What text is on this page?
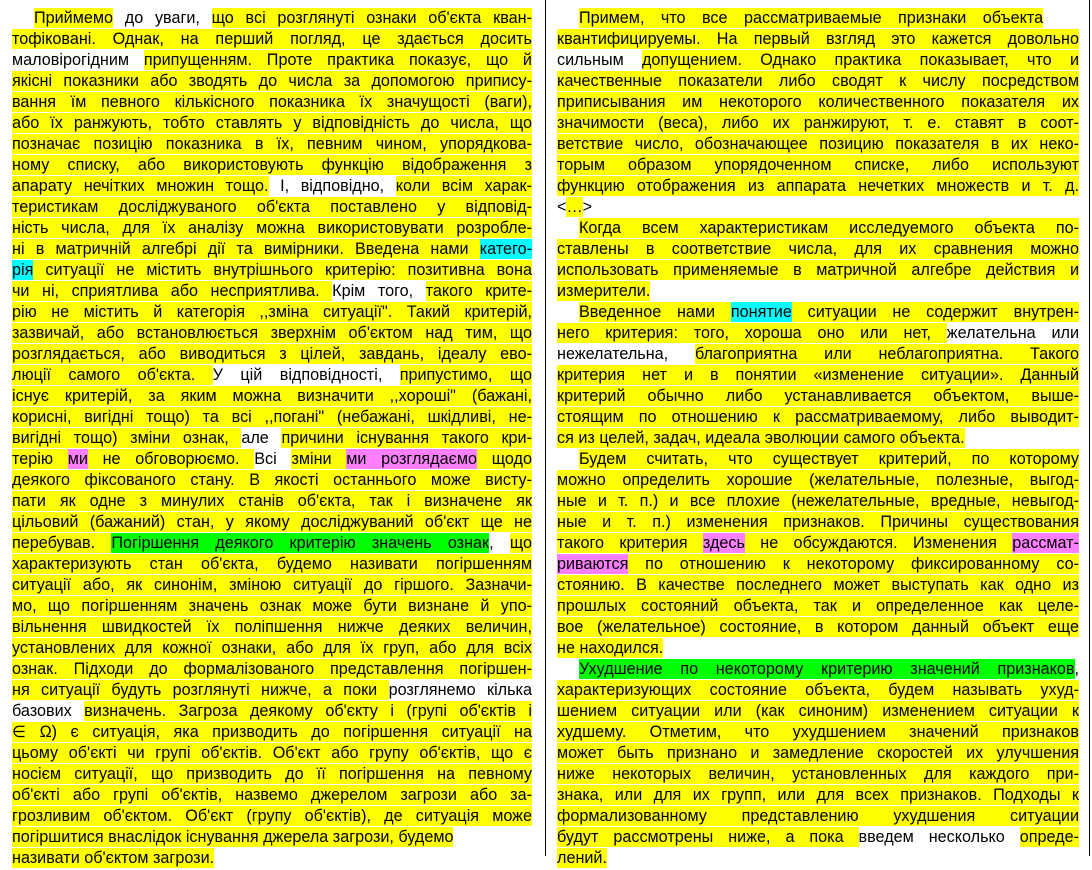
Приймемо до уваги, що всі розглянуті ознаки об'єкта кван-
тофіковані. Однак, на перший погляд, це здається досить
маловірогідним припущенням. Проте практика показує, що й
якісні показники або зводять до числа за допомогою припису-
вання їм певного кількісного показника їх значущості (ваги),
або їх ранжують, тобто ставлять у відповідність до числа, що
позначає позицію показника в їх, певним чином, упорядкова-
ному списку, або використовують функцію відображення з
апарату нечітких множин тощо. І, відповідно, коли всім харак-
теристикам досліджуваного об'єкта поставлено у відповід-
ність числа, для їх аналізу можна використовувати розроблe-
ні в матричній алгебрі дії та вимірники. Введена нами катего-
рія ситуації не містить внутрішнього критерію: позитивна вона
чи ні, сприятлива або несприятлива. Крім того, такого крите-
рію не містить й категорія ,,зміна ситуації". Такий критерій,
зазвичай, або встановлюється зверхнім об'єктом над тим, що
розглядається, або виводиться з цілей, завдань, ідеалу ево-
люції самого об'єкта. У цій відповідності, припустимо, що
існує критерій, за яким можна визначити ,,хороші" (бажані,
корисні, вигідні тощо) та всі ,,погані" (небажані, шкідливі, не-
вигідні тощо) зміни ознак, але причини існування такого кри-
терію ми не обговорюємо. Всі зміни ми розглядаємо щодо
деякого фіксованого стану. В якості останнього може висту-
пати як одне з минулих станів об'єкта, так і визначене як
цільовий (бажаний) стан, у якому досліджуваний об'єкт ще не
перебував. Погіршення деякого критерію значень ознак, що
характеризують стан об'єкта, будемо називати погіршенням
ситуації або, як синонім, зміною ситуації до гіршого. Зазначи-
мо, що погіршенням значень ознак може бути визнане й упо-
вільнення швидкостей їх поліпшення нижче деяких величин,
установлених для кожної ознаки, або для їх груп, або для всіх
ознак. Підходи до формалізованого представлення погіршен-
ня ситуації будуть розглянуті нижче, а поки розглянемо кілька
базових визначень. Загроза деякому об'єкту і (групі об'єктів і
∈ Ω) є ситуація, яка призводить до погіршення ситуації на
цьому об'єкті чи групі об'єктів. Об'єкт або групу об'єктів, що є
носієм ситуації, що призводить до її погіршення на певному
об'єкті або групі об'єктів, назвемо джерелом загрози або за-
грозливим об'єктом. Об'єкт (групу об'єктів), де ситуація може
погіршитися внаслідок існування джерела загрози, будемо
називати об'єктом загрози.
Примем, что все рассматриваемые признаки объекта
квантифицируемы. На первый взгляд это кажется довольно
сильным допущением. Однако практика показывает, что и
качественные показатели либо сводят к числу посредством
приписывания им некоторого количественного показателя их
значимости (веса), либо их ранжируют, т. е. ставят в соот-
ветствие число, обозначающее позицию показателя в их неко-
торым образом упорядоченном списке, либо используют
функцию отображения из аппарата нечетких множеств и т. д.
<…>
Когда всем характеристикам исследуемого объекта по-
ставлены в соответствие числа, для их сравнения можно
использовать применяемые в матричной алгебре действия и
измерители.
Введенное нами понятие ситуации не содержит внутрен-
него критерия: того, хороша оно или нет, желательна или
нежелательна, благоприятна или неблагоприятна. Такого
критерия нет и в понятии «изменение ситуации». Данный
критерий обычно либо устанавливается объектом, выше-
стоящим по отношению к рассматриваемому, либо выводит-
ся из целей, задач, идеала эволюции самого объекта.
Будем считать, что существует критерий, по которому
можно определить хорошие (желательные, полезные, выгод-
ные и т. п.) и все плохие (нежелательные, вредные, невыгод-
ные и т. п.) изменения признаков. Причины существования
такого критерия здесь не обсуждаются. Изменения рассмат-
риваются по отношению к некоторому фиксированному со-
стоянию. В качестве последнего может выступать как одно из
прошлых состояний объекта, так и определенное как целе-
вое (желательное) состояние, в котором данный объект еще
не находился.
Ухудшение по некоторому критерию значений признаков,
характеризующих состояние объекта, будем называть ухуд-
шением ситуации или (как синоним) изменением ситуации к
худшему. Отметим, что ухудшением значений признаков
может быть признано и замедление скоростей их улучшения
ниже некоторых величин, установленных для каждого при-
знака, или для их групп, или для всех признаков. Подходы к
формализованному представлению ухудшения ситуации
будут рассмотрены ниже, а пока введем несколько опреде-
лений.
